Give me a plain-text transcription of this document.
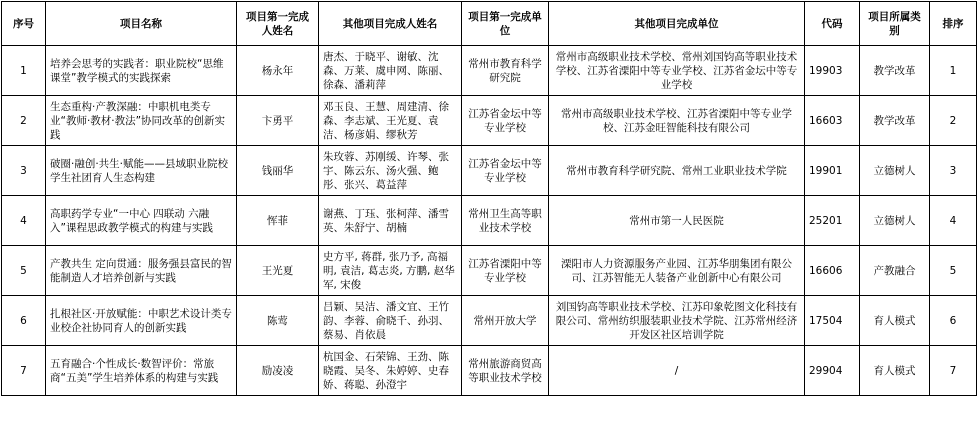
序号	项目名称	项目第一完成人姓名	其他项目完成人姓名	项目第一完成单位	其他项目完成单位	代码	项目所属类别	排序
1	培养会思考的实践者：职业院校“思维课堂”教学模式的实践探索	杨永年	唐杰、于晓平、谢敏、沈森、万莱、虞申网、陈丽、徐森、潘莉萍	常州市教育科学研究院	常州市高级职业技术学校、常州刘国钧高等职业技术学校、江苏省溧阳中等专业学校、江苏省金坛中等专业学校	19903	教学改革	1
2	生态重构·产教深融：中职机电类专业“教师·教材·教法”协同改革的创新实践	卞勇平	邓玉良、王慧、周建清、徐森、李志斌、王光夏、袁洁、杨彦娟、缪秋芳	江苏省金坛中等专业学校	常州市高级职业技术学校、江苏省溧阳中等专业学校、江苏金旺智能科技有限公司	16603	教学改革	2
3	破圈·融创·共生·赋能——县域职业院校学生社团育人生态构建	钱丽华	朱玫蓉、苏刚缓、许琴、张宇、陈云东、汤火强、鲍彤、张兴、葛益萍	江苏省金坛中等专业学校	常州市教育科学研究院、常州工业职业技术学院	19901	立德树人	3
4	高职药学专业“一中心 四联动 六融入”课程思政教学模式的构建与实践	恽菲	谢燕、丁珏、张柯萍、潘雪英、朱舒宁、胡楠	常州卫生高等职业技术学校	常州市第一人民医院	25201	立德树人	4
5	产教共生 定向贯通：服务强县富民的智能制造人才培养创新与实践	王光夏	史方平, 蒋群, 张乃予, 高福明, 袁洁, 葛志炎, 方鹏, 赵华军, 宋俊	江苏省溧阳中等专业学校	溧阳市人力资源服务产业园、江苏华朋集团有限公司、江苏智能无人装备产业创新中心有限公司	16606	产教融合	5
6	扎根社区·开放赋能：中职艺术设计类专业校企社协同育人的创新实践	陈莺	吕颖、吴洁、潘文宜、王竹韵、李蓉、俞晓千、孙羽、蔡易、肖依晨	常州开放大学	刘国钧高等职业技术学校、江苏印象乾图文化科技有限公司、常州纺织服装职业技术学院、江苏常州经济开发区社区培训学院	17504	育人模式	6
7	五育融合·个性成长·数智评价：常旅商“五美”学生培养体系的构建与实践	励凌凌	杭国金、石荣锦、王劲、陈晓霞、吴冬、朱婷婷、史春娇、蒋聪、孙澄宇	常州旅游商贸高等职业技术学校	/	29904	育人模式	7
